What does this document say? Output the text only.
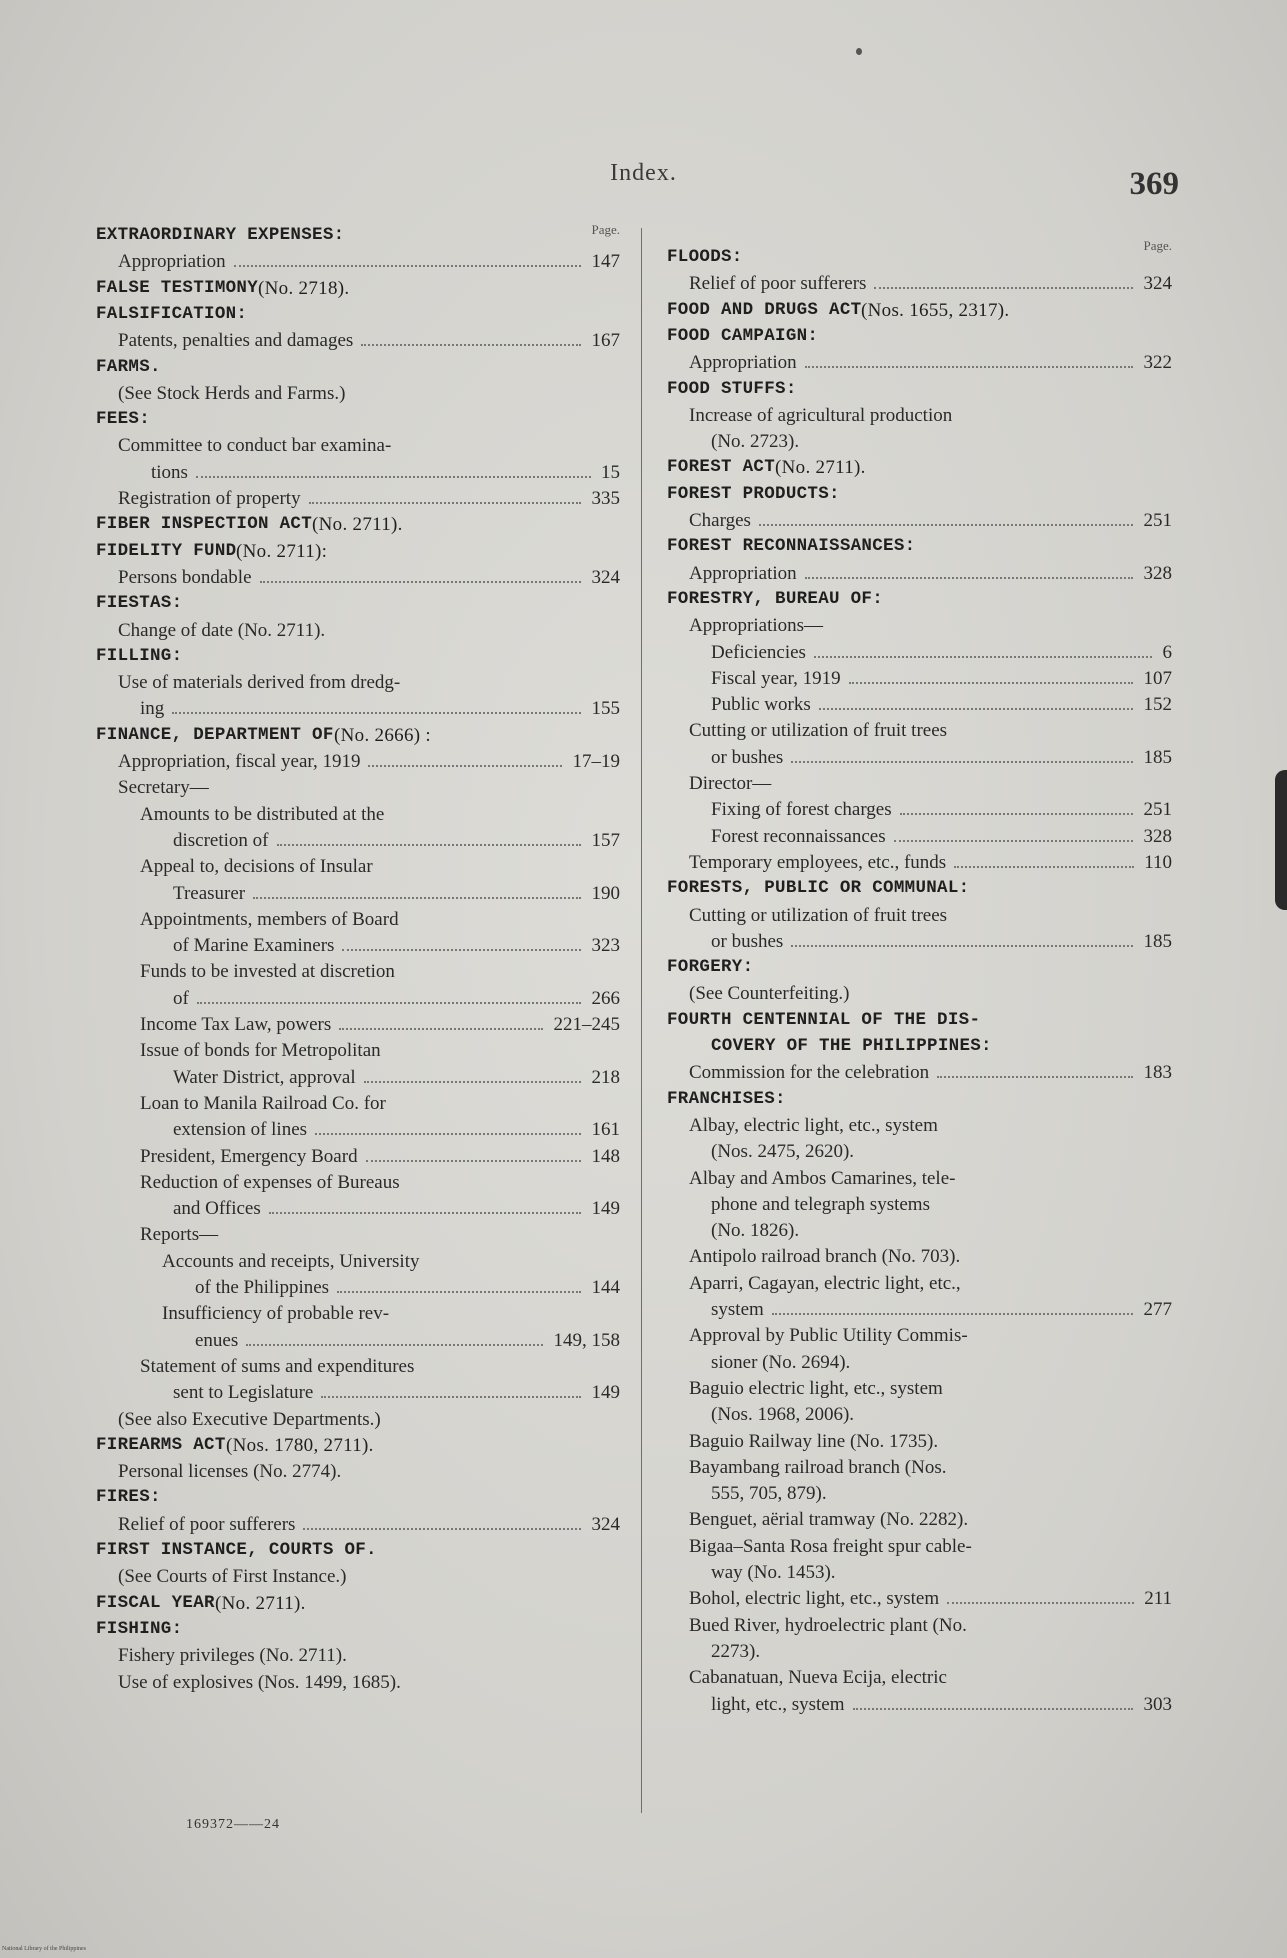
Index.	369
Page.
EXTRAORDINARY EXPENSES:
Appropriation	147
FALSE TESTIMONY (No. 2718).
FALSIFICATION:
Patents, penalties and damages	167
FARMS.
(See Stock Herds and Farms.)
FEES:
Committee to conduct bar examina-
tions	15
Registration of property	335
FIBER INSPECTION ACT (No. 2711).
FIDELITY FUND (No. 2711):
Persons bondable	324
FIESTAS:
Change of date (No. 2711).
FILLING:
Use of materials derived from dredg-
ing	155
FINANCE, DEPARTMENT OF (No. 2666) :
Appropriation, fiscal year, 1919	17–19
Secretary—
Amounts to be distributed at the
discretion of	157
Appeal to, decisions of Insular
Treasurer	190
Appointments, members of Board
of Marine Examiners	323
Funds to be invested at discretion
of	266
Income Tax Law, powers	221–245
Issue of bonds for Metropolitan
Water District, approval	218
Loan to Manila Railroad Co. for
extension of lines	161
President, Emergency Board	148
Reduction of expenses of Bureaus
and Offices	149
Reports—
Accounts and receipts, University
of the Philippines	144
Insufficiency of probable rev-
enues	149, 158
Statement of sums and expenditures
sent to Legislature	149
(See also Executive Departments.)
FIREARMS ACT (Nos. 1780, 2711).
Personal licenses (No. 2774).
FIRES:
Relief of poor sufferers	324
FIRST INSTANCE, COURTS OF.
(See Courts of First Instance.)
FISCAL YEAR (No. 2711).
FISHING:
Fishery privileges (No. 2711).
Use of explosives (Nos. 1499, 1685).
Page.
FLOODS:
Relief of poor sufferers	324
FOOD AND DRUGS ACT (Nos. 1655, 2317).
FOOD CAMPAIGN:
Appropriation	322
FOOD STUFFS:
Increase of agricultural production
(No. 2723).
FOREST ACT (No. 2711).
FOREST PRODUCTS:
Charges	251
FOREST RECONNAISSANCES:
Appropriation	328
FORESTRY, BUREAU OF:
Appropriations—
Deficiencies	6
Fiscal year, 1919	107
Public works	152
Cutting or utilization of fruit trees
or bushes	185
Director—
Fixing of forest charges	251
Forest reconnaissances	328
Temporary employees, etc., funds	110
FORESTS, PUBLIC OR COMMUNAL:
Cutting or utilization of fruit trees
or bushes	185
FORGERY:
(See Counterfeiting.)
FOURTH CENTENNIAL OF THE DIS-
COVERY OF THE PHILIPPINES:
Commission for the celebration	183
FRANCHISES:
Albay, electric light, etc., system
(Nos. 2475, 2620).
Albay and Ambos Camarines, tele-
phone and telegraph systems
(No. 1826).
Antipolo railroad branch (No. 703).
Aparri, Cagayan, electric light, etc.,
system	277
Approval by Public Utility Commis-
sioner (No. 2694).
Baguio electric light, etc., system
(Nos. 1968, 2006).
Baguio Railway line (No. 1735).
Bayambang railroad branch (Nos.
555, 705, 879).
Benguet, aërial tramway (No. 2282).
Bigaa–Santa Rosa freight spur cable-
way (No. 1453).
Bohol, electric light, etc., system	211
Bued River, hydroelectric plant (No.
2273).
Cabanatuan, Nueva Ecija, electric
light, etc., system	303
169372——24
National Library of the Philippines
